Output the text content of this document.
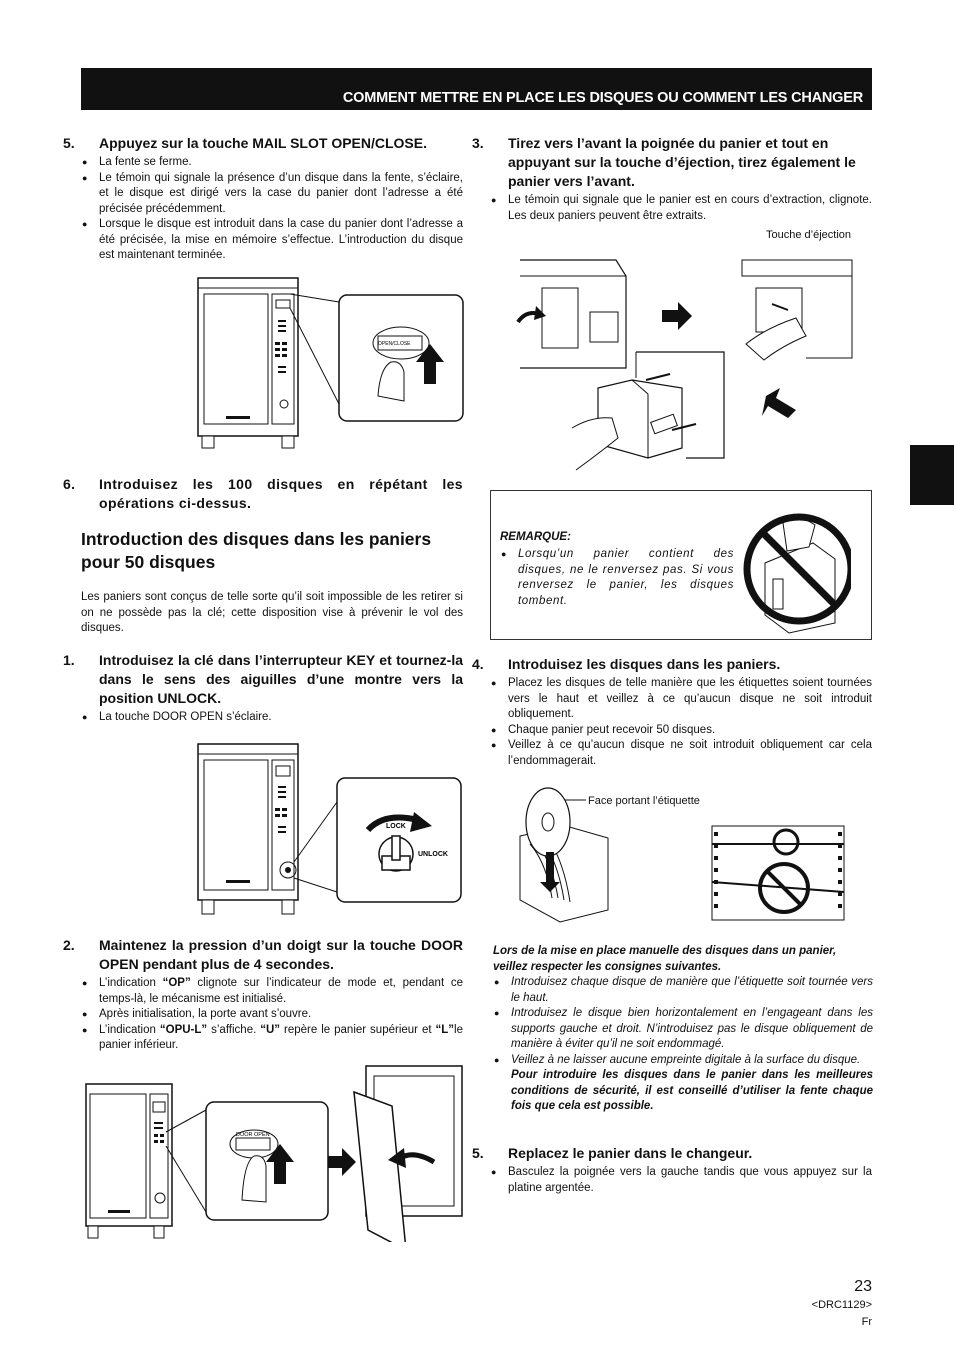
COMMENT METTRE EN PLACE LES DISQUES OU COMMENT LES CHANGER
5. Appuyez sur la touche MAIL SLOT OPEN/CLOSE.
● La fente se ferme.
● Le témoin qui signale la présence d’un disque dans la fente, s’éclaire, et le disque est dirigé vers la case du panier dont l’adresse a été précisée précédemment.
● Lorsque le disque est introduit dans la case du panier dont l’adresse a été précisée, la mise en mémoire s’effectue. L’introduction du disque est maintenant terminée.
OPEN/CLOSE
6. Introduisez les 100 disques en répétant les opérations ci-dessus.
Introduction des disques dans les paniers pour 50 disques
Les paniers sont conçus de telle sorte qu’il soit impossible de les retirer si on ne possède pas la clé; cette disposition vise à prévenir le vol des disques.
1. Introduisez la clé dans l’interrupteur KEY et tournez-la dans le sens des aiguilles d’une montre vers la position UNLOCK.
● La touche DOOR OPEN s’éclaire.
LOCK
UNLOCK
2. Maintenez la pression d’un doigt sur la touche DOOR OPEN pendant plus de 4 secondes.
● L’indication “OP” clignote sur l’indicateur de mode et, pendant ce temps-là, le mécanisme est initialisé.
● Après initialisation, la porte avant s’ouvre.
● L’indication “OPU-L” s’affiche. “U” repère le panier supérieur et “L”le panier inférieur.
DOOR OPEN
3. Tirez vers l’avant la poignée du panier et tout en appuyant sur la touche d’éjection, tirez également le panier vers l’avant.
● Le témoin qui signale que le panier est en cours d’extraction, clignote. Les deux paniers peuvent être extraits.
Touche d’éjection
REMARQUE:
● Lorsqu’un panier contient des disques, ne le renversez pas. Si vous renversez le panier, les disques tombent.
4. Introduisez les disques dans les paniers.
● Placez les disques de telle manière que les étiquettes soient tournées vers le haut et veillez à ce qu’aucun disque ne soit introduit obliquement.
● Chaque panier peut recevoir 50 disques.
● Veillez à ce qu’aucun disque ne soit introduit obliquement car cela l’endommagerait.
Face portant l’étiquette
Lors de la mise en place manuelle des disques dans un panier, veillez respecter les consignes suivantes.
● Introduisez chaque disque de manière que l’étiquette soit tournée vers le haut.
● Introduisez le disque bien horizontalement en l’engageant dans les supports gauche et droit. N’introduisez pas le disque obliquement de manière à éviter qu’il ne soit endommagé.
● Veillez à ne laisser aucune empreinte digitale à la surface du disque.
Pour introduire les disques dans le panier dans les meilleures conditions de sécurité, il est conseillé d’utiliser la fente chaque fois que cela est possible.
5. Replacez le panier dans le changeur.
● Basculez la poignée vers la gauche tandis que vous appuyez sur la platine argentée.
23
<DRC1129>
Fr
